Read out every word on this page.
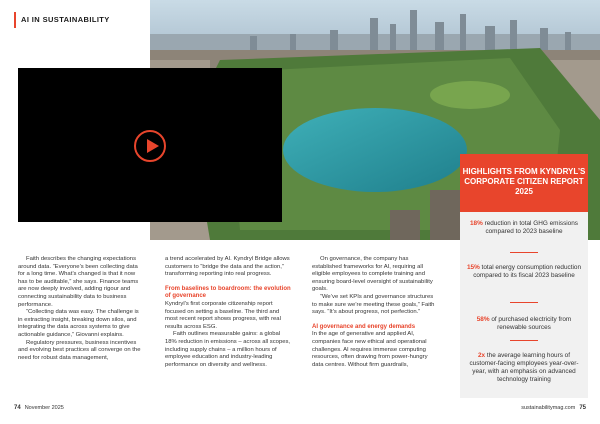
AI IN SUSTAINABILITY

Faith describes the changing expectations around data. “Everyone’s been collecting data for a long time. What’s changed is that it now has to be auditable,” she says. Finance teams are now deeply involved, adding rigour and connecting sustainability data to business performance.

“Collecting data was easy. The challenge is in extracting insight, breaking down silos, and integrating the data across systems to give actionable guidance,” Giovanni explains.

Regulatory pressures, business incentives and evolving best practices all converge on the need for robust data management,

a trend accelerated by AI. Kyndryl Bridge allows customers to “bridge the data and the action,” transforming reporting into real progress.

From baselines to boardroom: the evolution of governance

Kyndryl’s first corporate citizenship report focused on setting a baseline. The third and most recent report shows progress, with real results across ESG.

Faith outlines measurable gains: a global 18% reduction in emissions – across all scopes, including supply chains – a million hours of employee education and industry-leading performance on diversity and wellness.

On governance, the company has established frameworks for AI, requiring all eligible employees to complete training and ensuring board-level oversight of sustainability goals.

“We’ve set KPIs and governance structures to make sure we’re meeting these goals,” Faith says. “It’s about progress, not perfection.”

AI governance and energy demands

In the age of generative and applied AI, companies face new ethical and operational challenges. AI requires immense computing resources, often drawing from power-hungry data centres. Without firm guardrails,

HIGHLIGHTS FROM KYNDRYL’S CORPORATE CITIZEN REPORT 2025
18% reduction in total GHG emissions compared to 2023 baseline
15% total energy consumption reduction compared to its fiscal 2023 baseline
58% of purchased electricity from renewable sources
2x the average learning hours of customer-facing employees year-over-year, with an emphasis on advanced technology training
74 November 2025	sustainabilitymag.com 75
